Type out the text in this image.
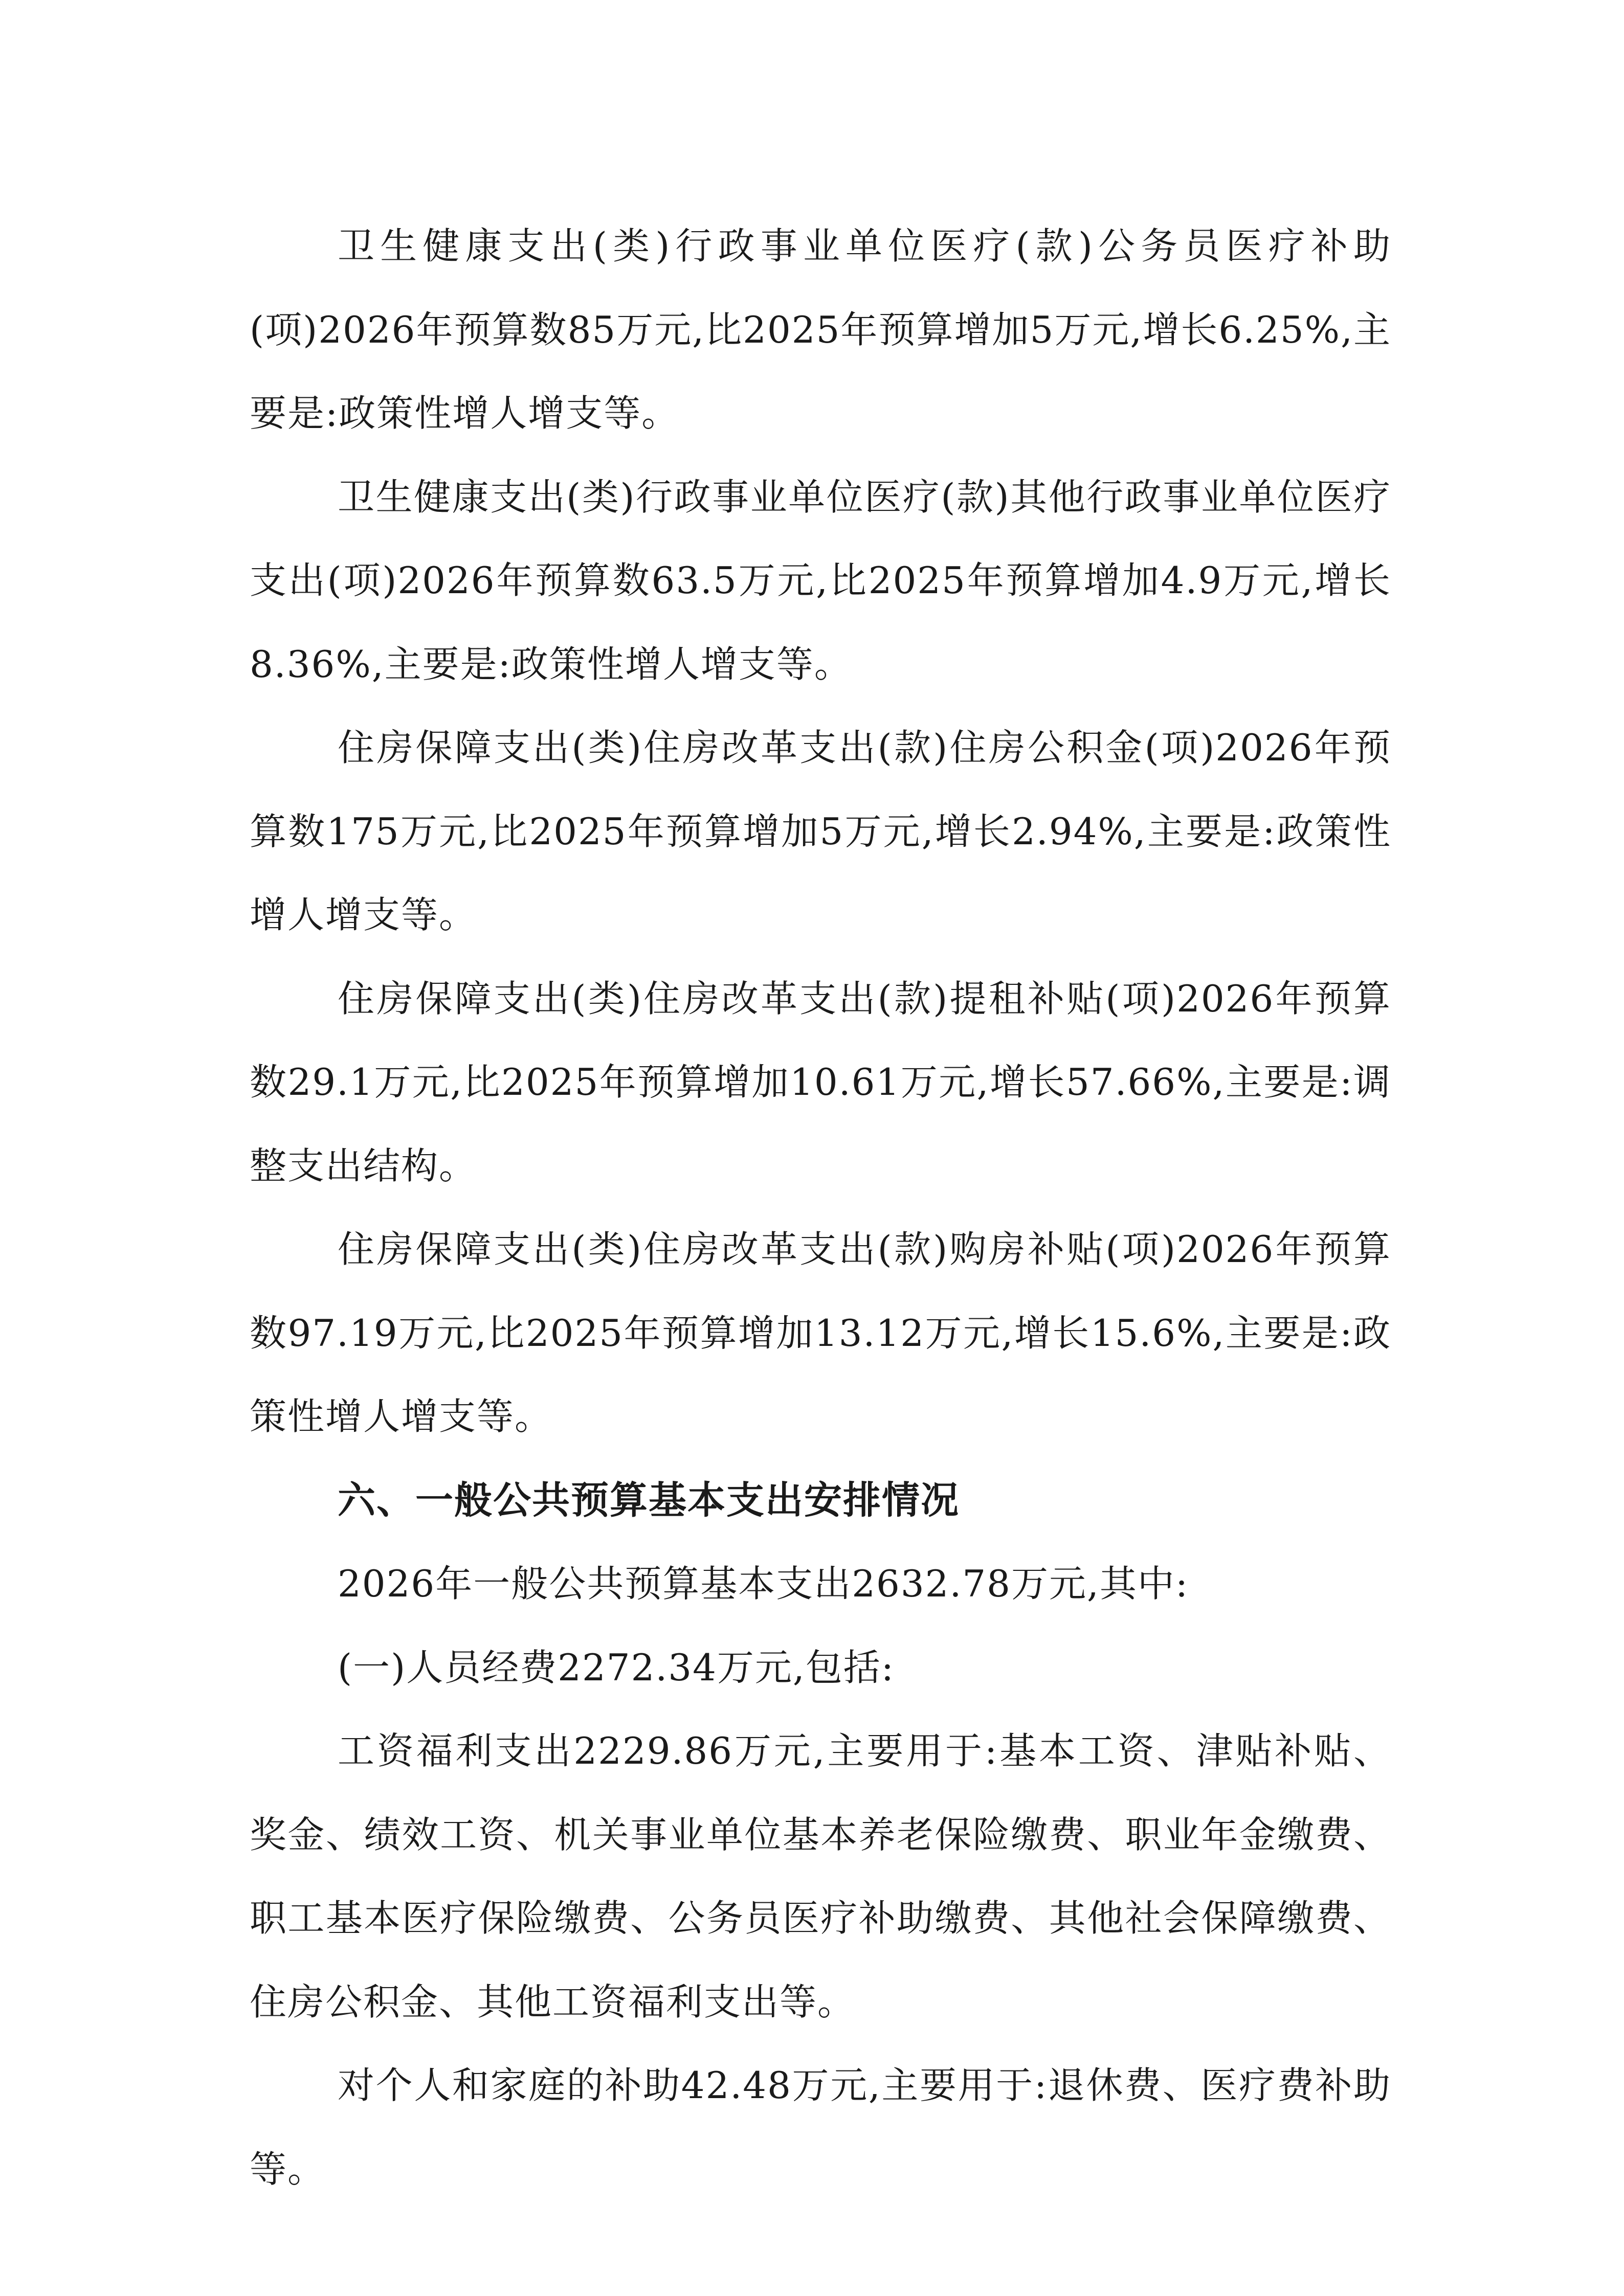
卫生健康支出(类)行政事业单位医疗(款)公务员医疗补助(项)2026年预算数85万元,比2025年预算增加5万元,增长6.25%,主要是:政策性增人增支等。

卫生健康支出(类)行政事业单位医疗(款)其他行政事业单位医疗支出(项)2026年预算数63.5万元,比2025年预算增加4.9万元,增长8.36%,主要是:政策性增人增支等。

住房保障支出(类)住房改革支出(款)住房公积金(项)2026年预算数175万元,比2025年预算增加5万元,增长2.94%,主要是:政策性增人增支等。

住房保障支出(类)住房改革支出(款)提租补贴(项)2026年预算数29.1万元,比2025年预算增加10.61万元,增长57.66%,主要是:调整支出结构。

住房保障支出(类)住房改革支出(款)购房补贴(项)2026年预算数97.19万元,比2025年预算增加13.12万元,增长15.6%,主要是:政策性增人增支等。

六、一般公共预算基本支出安排情况

2026年一般公共预算基本支出2632.78万元,其中:

(一)人员经费2272.34万元,包括:

工资福利支出2229.86万元,主要用于:基本工资、津贴补贴、奖金、绩效工资、机关事业单位基本养老保险缴费、职业年金缴费、职工基本医疗保险缴费、公务员医疗补助缴费、其他社会保障缴费、住房公积金、其他工资福利支出等。

对个人和家庭的补助42.48万元,主要用于:退休费、医疗费补助等。
